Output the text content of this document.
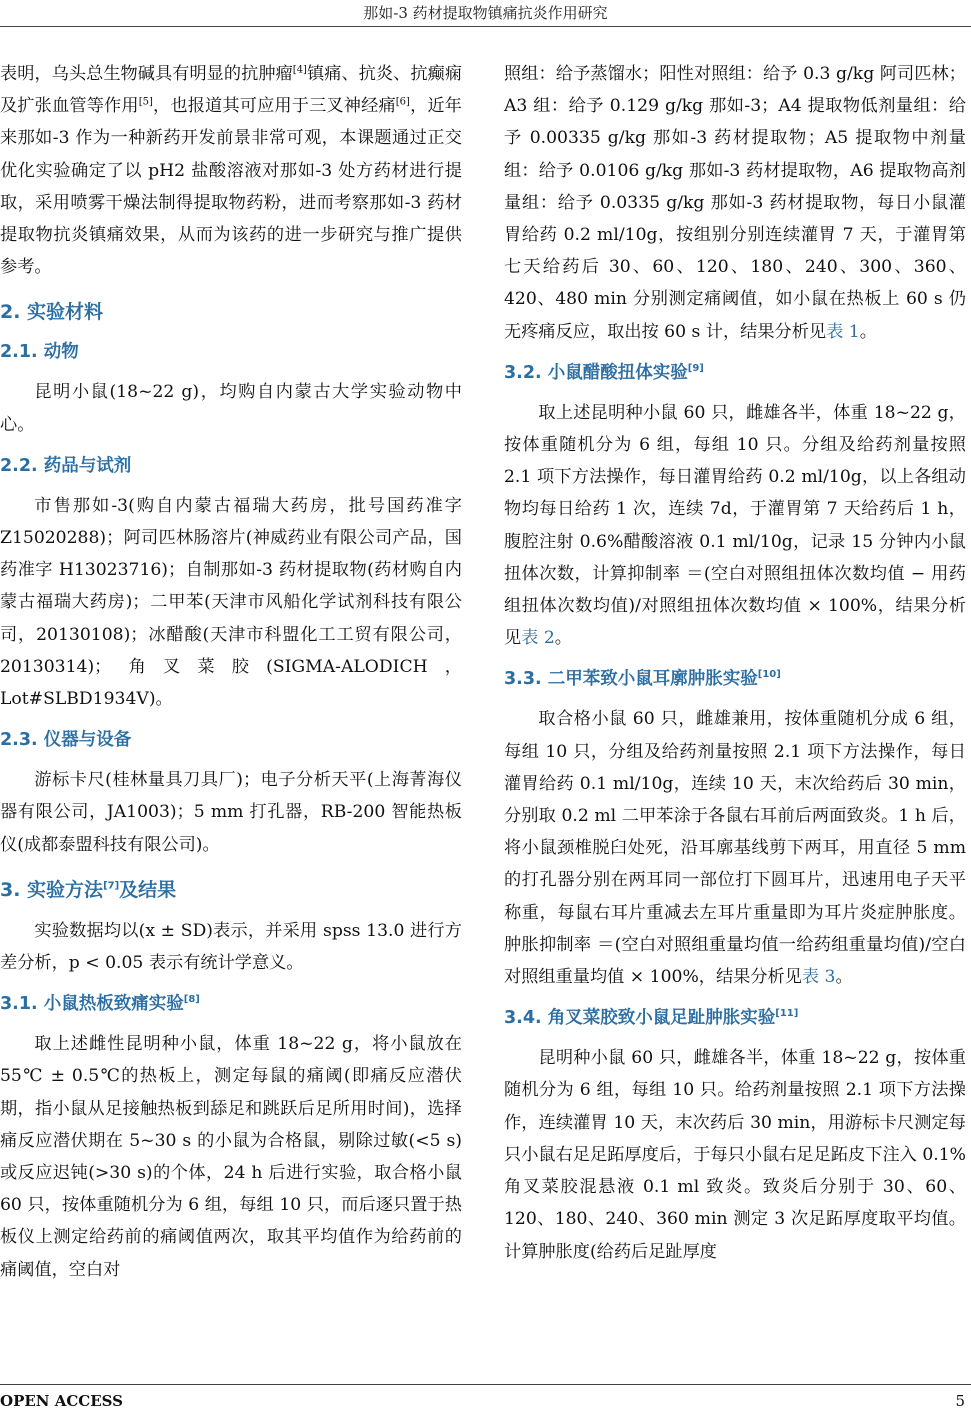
那如-3 药材提取物镇痛抗炎作用研究

表明，乌头总生物碱具有明显的抗肿瘤[4]镇痛、抗炎、抗癫痫及扩张血管等作用[5]，也报道其可应用于三叉神经痛[6]，近年来那如-3 作为一种新药开发前景非常可观，本课题通过正交优化实验确定了以 pH2 盐酸溶液对那如-3 处方药材进行提取，采用喷雾干燥法制得提取物药粉，进而考察那如-3 药材提取物抗炎镇痛效果，从而为该药的进一步研究与推广提供参考。

2. 实验材料
2.1. 动物

昆明小鼠(18~22 g)，均购自内蒙古大学实验动物中心。

2.2. 药品与试剂

市售那如-3(购自内蒙古福瑞大药房，批号国药准字 Z15020288)；阿司匹林肠溶片(神威药业有限公司产品，国药准字 H13023716)；自制那如-3 药材提取物(药材购自内蒙古福瑞大药房)；二甲苯(天津市风船化学试剂科技有限公司，20130108)；冰醋酸(天津市科盟化工工贸有限公司，20130314)；角叉菜胶(SIGMA-ALODICH，Lot#SLBD1934V)。

2.3. 仪器与设备

游标卡尺(桂林量具刀具厂)；电子分析天平(上海菁海仪器有限公司，JA1003)；5 mm 打孔器，RB-200 智能热板仪(成都泰盟科技有限公司)。

3. 实验方法[7]及结果

实验数据均以(x ± SD)表示，并采用 spss 13.0 进行方差分析，p < 0.05 表示有统计学意义。

3.1. 小鼠热板致痛实验[8]

取上述雌性昆明种小鼠，体重 18~22 g，将小鼠放在 55℃ ± 0.5℃的热板上，测定每鼠的痛阈(即痛反应潜伏期，指小鼠从足接触热板到舔足和跳跃后足所用时间)，选择痛反应潜伏期在 5~30 s 的小鼠为合格鼠，剔除过敏(<5 s)或反应迟钝(>30 s)的个体，24 h 后进行实验，取合格小鼠 60 只，按体重随机分为 6 组，每组 10 只，而后逐只置于热板仪上测定给药前的痛阈值两次，取其平均值作为给药前的痛阈值，空白对

照组：给予蒸馏水；阳性对照组：给予 0.3 g/kg 阿司匹林；A3 组：给予 0.129 g/kg 那如-3；A4 提取物低剂量组：给予 0.00335 g/kg 那如-3 药材提取物；A5 提取物中剂量组：给予 0.0106 g/kg 那如-3 药材提取物，A6 提取物高剂量组：给予 0.0335 g/kg 那如-3 药材提取物，每日小鼠灌胃给药 0.2 ml/10g，按组别分别连续灌胃 7 天，于灌胃第七天给药后 30、60、120、180、240、300、360、420、480 min 分别测定痛阈值，如小鼠在热板上 60 s 仍无疼痛反应，取出按 60 s 计，结果分析见表 1。

3.2. 小鼠醋酸扭体实验[9]

取上述昆明种小鼠 60 只，雌雄各半，体重 18~22 g，按体重随机分为 6 组，每组 10 只。分组及给药剂量按照 2.1 项下方法操作，每日灌胃给药 0.2 ml/10g，以上各组动物均每日给药 1 次，连续 7d，于灌胃第 7 天给药后 1 h，腹腔注射 0.6%醋酸溶液 0.1 ml/10g，记录 15 分钟内小鼠扭体次数，计算抑制率 ＝(空白对照组扭体次数均值 − 用药组扭体次数均值)/对照组扭体次数均值 × 100%，结果分析见表 2。

3.3. 二甲苯致小鼠耳廓肿胀实验[10]

取合格小鼠 60 只，雌雄兼用，按体重随机分成 6 组，每组 10 只，分组及给药剂量按照 2.1 项下方法操作，每日灌胃给药 0.1 ml/10g，连续 10 天，末次给药后 30 min，分别取 0.2 ml 二甲苯涂于各鼠右耳前后两面致炎。1 h 后，将小鼠颈椎脱臼处死，沿耳廓基线剪下两耳，用直径 5 mm 的打孔器分别在两耳同一部位打下圆耳片，迅速用电子天平称重，每鼠右耳片重减去左耳片重量即为耳片炎症肿胀度。肿胀抑制率 ＝(空白对照组重量均值一给药组重量均值)/空白对照组重量均值 × 100%，结果分析见表 3。

3.4. 角叉菜胶致小鼠足趾肿胀实验[11]

昆明种小鼠 60 只，雌雄各半，体重 18~22 g，按体重随机分为 6 组，每组 10 只。给药剂量按照 2.1 项下方法操作，连续灌胃 10 天，末次药后 30 min，用游标卡尺测定每只小鼠右足足跖厚度后，于每只小鼠右足足跖皮下注入 0.1%角叉菜胶混悬液 0.1 ml 致炎。致炎后分别于 30、60、120、180、240、360 min 测定 3 次足跖厚度取平均值。计算肿胀度(给药后足趾厚度

OPEN ACCESS	5
